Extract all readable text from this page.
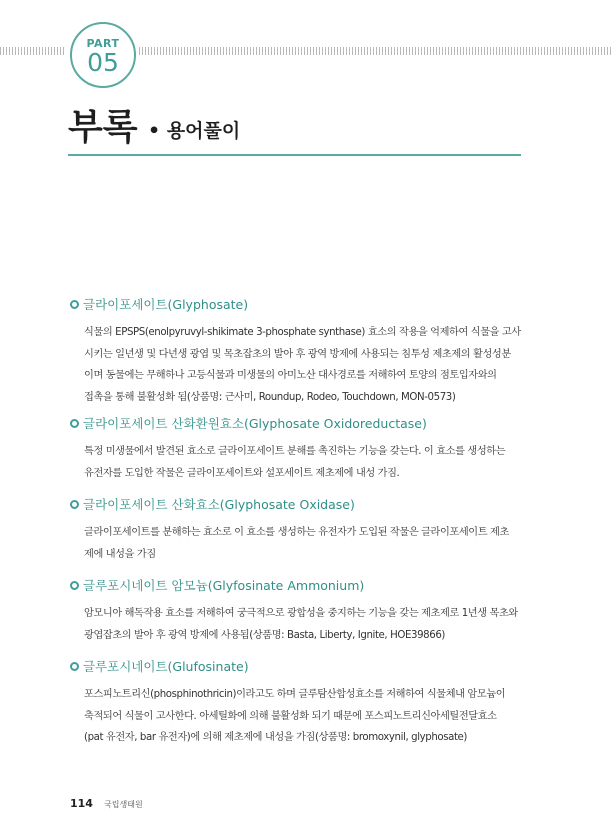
PART
05
부록 • 용어풀이
글라이포세이트(Glyphosate)

식물의 EPSPS(enolpyruvyl-shikimate 3-phosphate synthase) 효소의 작용을 억제하여 식물을 고사

시키는 일년생 및 다년생 광엽 및 목초잡초의 발아 후 광역 방제에 사용되는 침투성 제초제의 활성성분

이며 동물에는 무해하나 고등식물과 미생물의 아미노산 대사경로를 저해하여 토양의 점토입자와의

접촉을 통해 불활성화 됨(상품명: 근사미, Roundup, Rodeo, Touchdown, MON-0573)

글라이포세이트 산화환원효소(Glyphosate Oxidoreductase)

특정 미생물에서 발견된 효소로 글라이포세이트 분해를 촉진하는 기능을 갖는다. 이 효소를 생성하는

유전자를 도입한 작물은 글라이포세이트와 설포세이트 제초제에 내성 가짐.

글라이포세이트 산화효소(Glyphosate Oxidase)

글라이포세이트를 분해하는 효소로 이 효소를 생성하는 유전자가 도입된 작물은 글라이포세이트 제초

제에 내성을 가짐

글루포시네이트 암모늄(Glyfosinate Ammonium)

암모니아 해독작용 효소를 저해하여 궁극적으로 광합성을 중지하는 기능을 갖는 제초제로 1년생 목초와

광엽잡초의 발아 후 광역 방제에 사용됨(상품명: Basta, Liberty, Ignite, HOE39866)

글루포시네이트(Glufosinate)

포스피노트리신(phosphinothricin)이라고도 하며 글루탐산합성효소를 저해하여 식물체내 암모늄이

축적되어 식물이 고사한다. 아세틸화에 의해 불활성화 되기 때문에 포스피노트리신아세틸전달효소

(pat 유전자, bar 유전자)에 의해 제초제에 내성을 가짐(상품명: bromoxynil, glyphosate)

114 국립생태원
